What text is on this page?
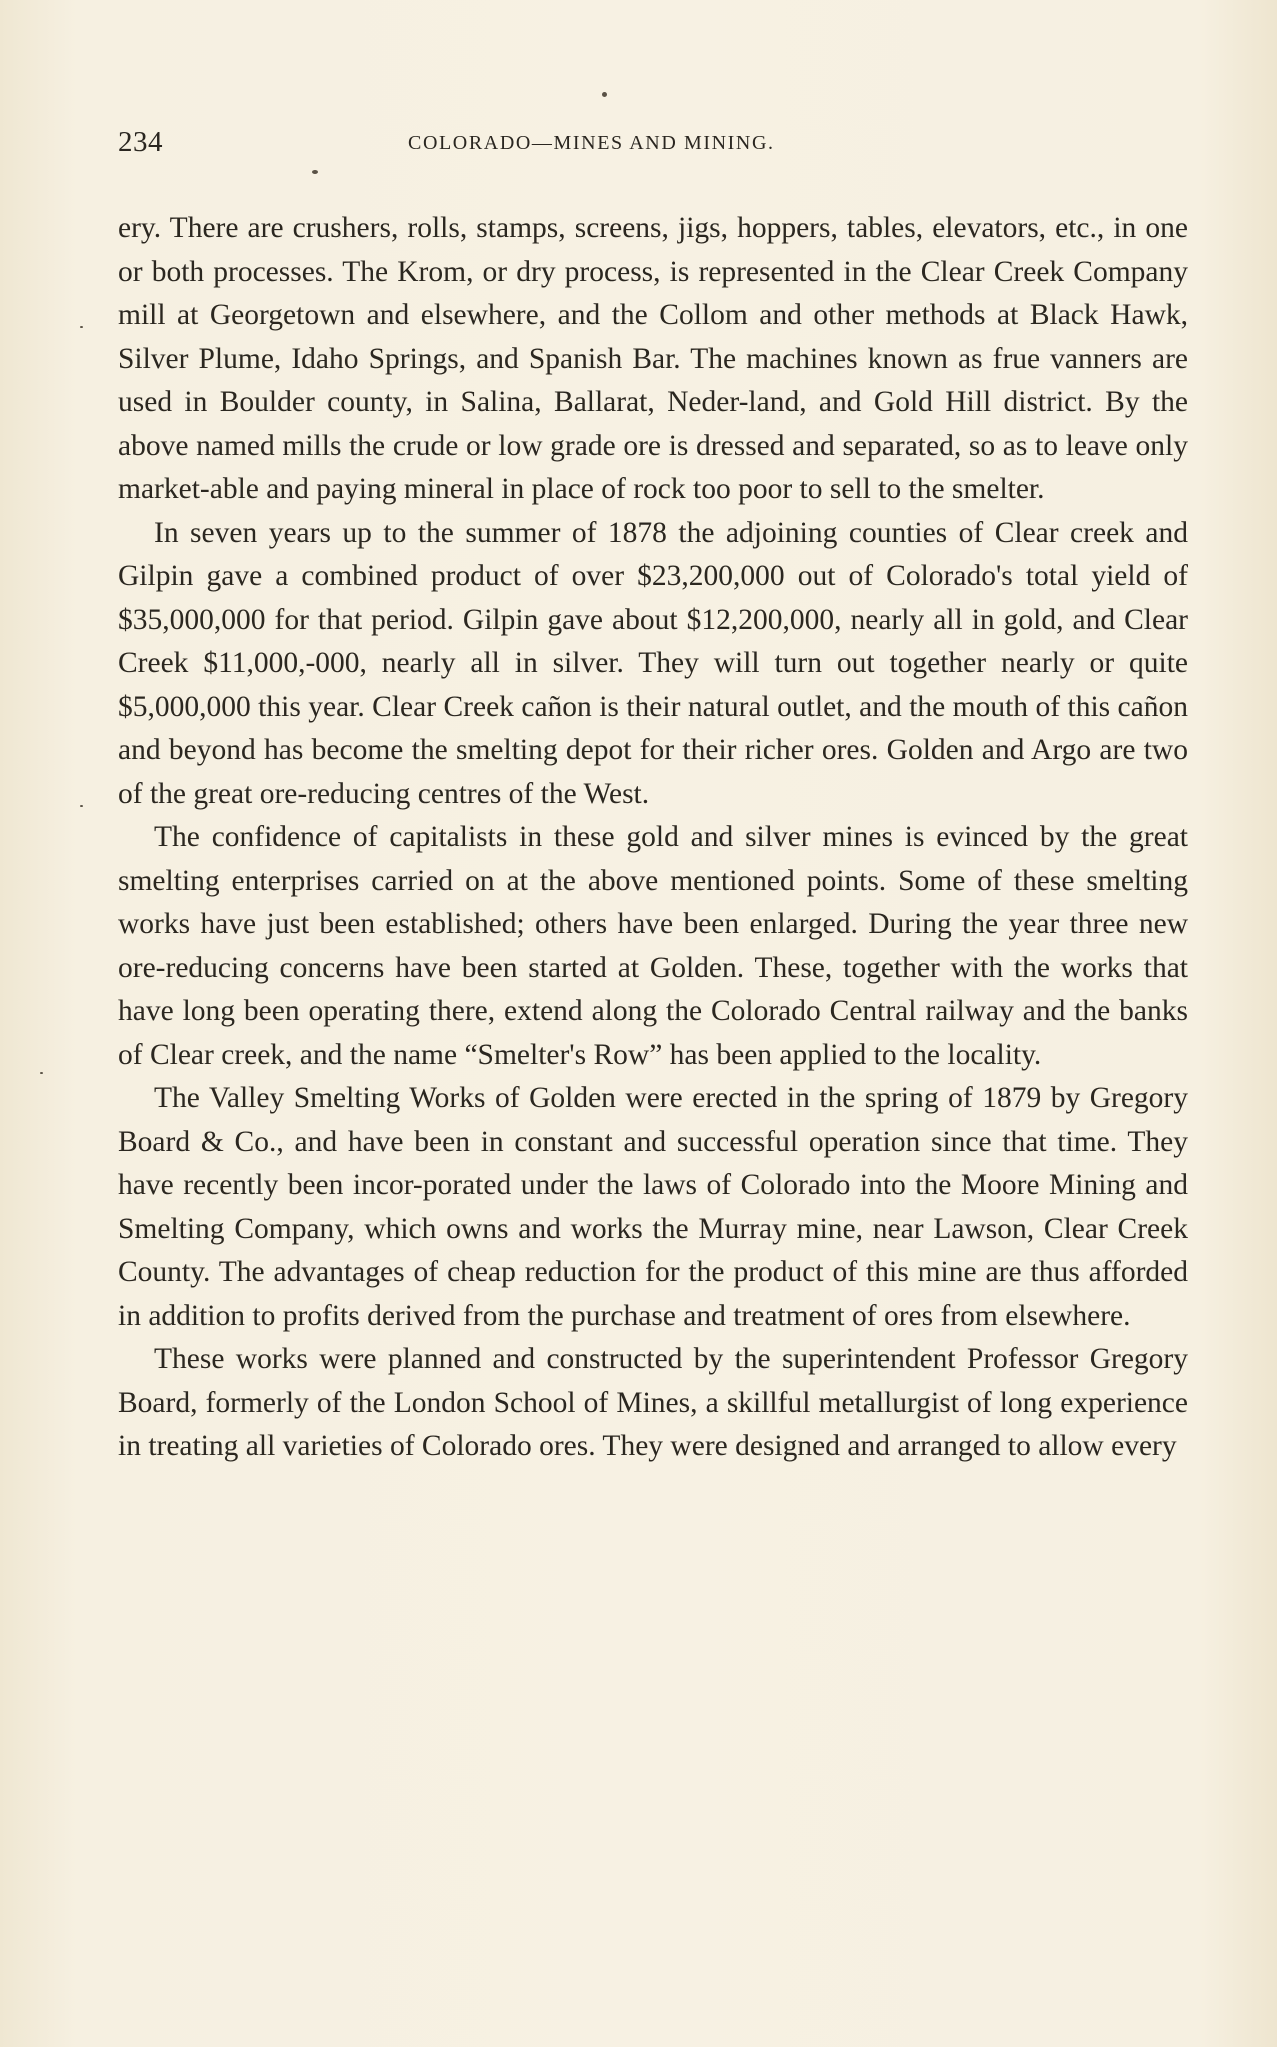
234	COLORADO—MINES AND MINING.

ery. There are crushers, rolls, stamps, screens, jigs, hoppers, tables, elevators, etc., in one or both processes. The Krom, or dry process, is represented in the Clear Creek Company mill at Georgetown and elsewhere, and the Collom and other methods at Black Hawk, Silver Plume, Idaho Springs, and Spanish Bar. The machines known as frue vanners are used in Boulder county, in Salina, Ballarat, Neder-land, and Gold Hill district. By the above named mills the crude or low grade ore is dressed and separated, so as to leave only market-able and paying mineral in place of rock too poor to sell to the smelter.

In seven years up to the summer of 1878 the adjoining counties of Clear creek and Gilpin gave a combined product of over $23,200,000 out of Colorado's total yield of $35,000,000 for that period. Gilpin gave about $12,200,000, nearly all in gold, and Clear Creek $11,000,-000, nearly all in silver. They will turn out together nearly or quite $5,000,000 this year. Clear Creek cañon is their natural outlet, and the mouth of this cañon and beyond has become the smelting depot for their richer ores. Golden and Argo are two of the great ore-reducing centres of the West.

The confidence of capitalists in these gold and silver mines is evinced by the great smelting enterprises carried on at the above mentioned points. Some of these smelting works have just been established; others have been enlarged. During the year three new ore-reducing concerns have been started at Golden. These, together with the works that have long been operating there, extend along the Colorado Central railway and the banks of Clear creek, and the name “Smelter's Row” has been applied to the locality.

The Valley Smelting Works of Golden were erected in the spring of 1879 by Gregory Board & Co., and have been in constant and successful operation since that time. They have recently been incor-porated under the laws of Colorado into the Moore Mining and Smelting Company, which owns and works the Murray mine, near Lawson, Clear Creek County. The advantages of cheap reduction for the product of this mine are thus afforded in addition to profits derived from the purchase and treatment of ores from elsewhere.

These works were planned and constructed by the superintendent Professor Gregory Board, formerly of the London School of Mines, a skillful metallurgist of long experience in treating all varieties of Colorado ores. They were designed and arranged to allow every
